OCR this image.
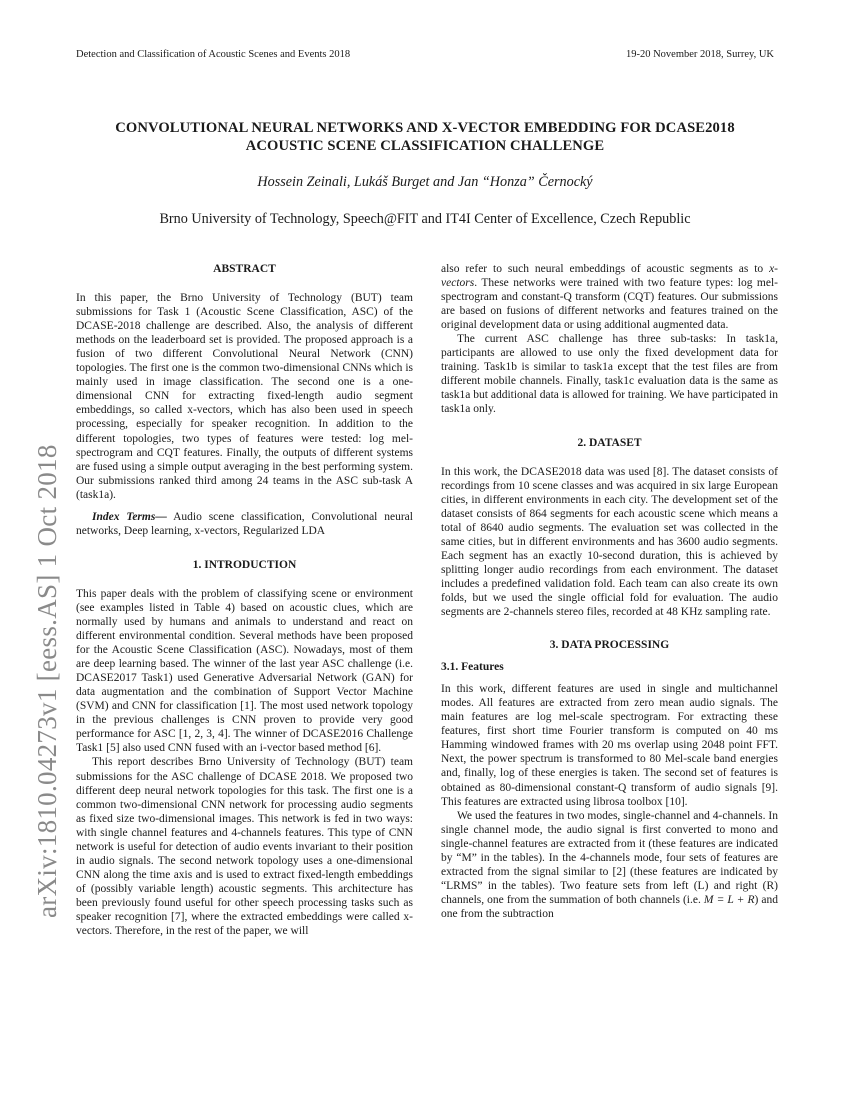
Detection and Classification of Acoustic Scenes and Events 2018	19-20 November 2018, Surrey, UK
CONVOLUTIONAL NEURAL NETWORKS AND X-VECTOR EMBEDDING FOR DCASE2018
ACOUSTIC SCENE CLASSIFICATION CHALLENGE
Hossein Zeinali, Lukáš Burget and Jan “Honza” Černocký
Brno University of Technology, Speech@FIT and IT4I Center of Excellence, Czech Republic
arXiv:1810.04273v1 [eess.AS] 1 Oct 2018

ABSTRACT

In this paper, the Brno University of Technology (BUT) team submissions for Task 1 (Acoustic Scene Classification, ASC) of the DCASE-2018 challenge are described. Also, the analysis of different methods on the leaderboard set is provided. The proposed approach is a fusion of two different Convolutional Neural Network (CNN) topologies. The first one is the common two-dimensional CNNs which is mainly used in image classification. The second one is a one-dimensional CNN for extracting fixed-length audio segment embeddings, so called x-vectors, which has also been used in speech processing, especially for speaker recognition. In addition to the different topologies, two types of features were tested: log mel-spectrogram and CQT features. Finally, the outputs of different systems are fused using a simple output averaging in the best performing system. Our submissions ranked third among 24 teams in the ASC sub-task A (task1a).

Index Terms— Audio scene classification, Convolutional neural networks, Deep learning, x-vectors, Regularized LDA

1. INTRODUCTION

This paper deals with the problem of classifying scene or environment (see examples listed in Table 4) based on acoustic clues, which are normally used by humans and animals to understand and react on different environmental condition. Several methods have been proposed for the Acoustic Scene Classification (ASC). Nowadays, most of them are deep learning based. The winner of the last year ASC challenge (i.e. DCASE2017 Task1) used Generative Adversarial Network (GAN) for data augmentation and the combination of Support Vector Machine (SVM) and CNN for classification [1]. The most used network topology in the previous challenges is CNN proven to provide very good performance for ASC [1, 2, 3, 4]. The winner of DCASE2016 Challenge Task1 [5] also used CNN fused with an i-vector based method [6].

This report describes Brno University of Technology (BUT) team submissions for the ASC challenge of DCASE 2018. We proposed two different deep neural network topologies for this task. The first one is a common two-dimensional CNN network for processing audio segments as fixed size two-dimensional images. This network is fed in two ways: with single channel features and 4-channels features. This type of CNN network is useful for detection of audio events invariant to their position in audio signals. The second network topology uses a one-dimensional CNN along the time axis and is used to extract fixed-length embeddings of (possibly variable length) acoustic segments. This architecture has been previously found useful for other speech processing tasks such as speaker recognition [7], where the extracted embeddings were called x-vectors. Therefore, in the rest of the paper, we will

also refer to such neural embeddings of acoustic segments as to x-vectors. These networks were trained with two feature types: log mel-spectrogram and constant-Q transform (CQT) features. Our submissions are based on fusions of different networks and features trained on the original development data or using additional augmented data.

The current ASC challenge has three sub-tasks: In task1a, participants are allowed to use only the fixed development data for training. Task1b is similar to task1a except that the test files are from different mobile channels. Finally, task1c evaluation data is the same as task1a but additional data is allowed for training. We have participated in task1a only.

2. DATASET

In this work, the DCASE2018 data was used [8]. The dataset consists of recordings from 10 scene classes and was acquired in six large European cities, in different environments in each city. The development set of the dataset consists of 864 segments for each acoustic scene which means a total of 8640 audio segments. The evaluation set was collected in the same cities, but in different environments and has 3600 audio segments. Each segment has an exactly 10-second duration, this is achieved by splitting longer audio recordings from each environment. The dataset includes a predefined validation fold. Each team can also create its own folds, but we used the single official fold for evaluation. The audio segments are 2-channels stereo files, recorded at 48 KHz sampling rate.

3. DATA PROCESSING

3.1. Features

In this work, different features are used in single and multichannel modes. All features are extracted from zero mean audio signals. The main features are log mel-scale spectrogram. For extracting these features, first short time Fourier transform is computed on 40 ms Hamming windowed frames with 20 ms overlap using 2048 point FFT. Next, the power spectrum is transformed to 80 Mel-scale band energies and, finally, log of these energies is taken. The second set of features is obtained as 80-dimensional constant-Q transform of audio signals [9]. This features are extracted using librosa toolbox [10].

We used the features in two modes, single-channel and 4-channels. In single channel mode, the audio signal is first converted to mono and single-channel features are extracted from it (these features are indicated by “M” in the tables). In the 4-channels mode, four sets of features are extracted from the signal similar to [2] (these features are indicated by “LRMS” in the tables). Two feature sets from left (L) and right (R) channels, one from the summation of both channels (i.e. M = L + R) and one from the subtraction
